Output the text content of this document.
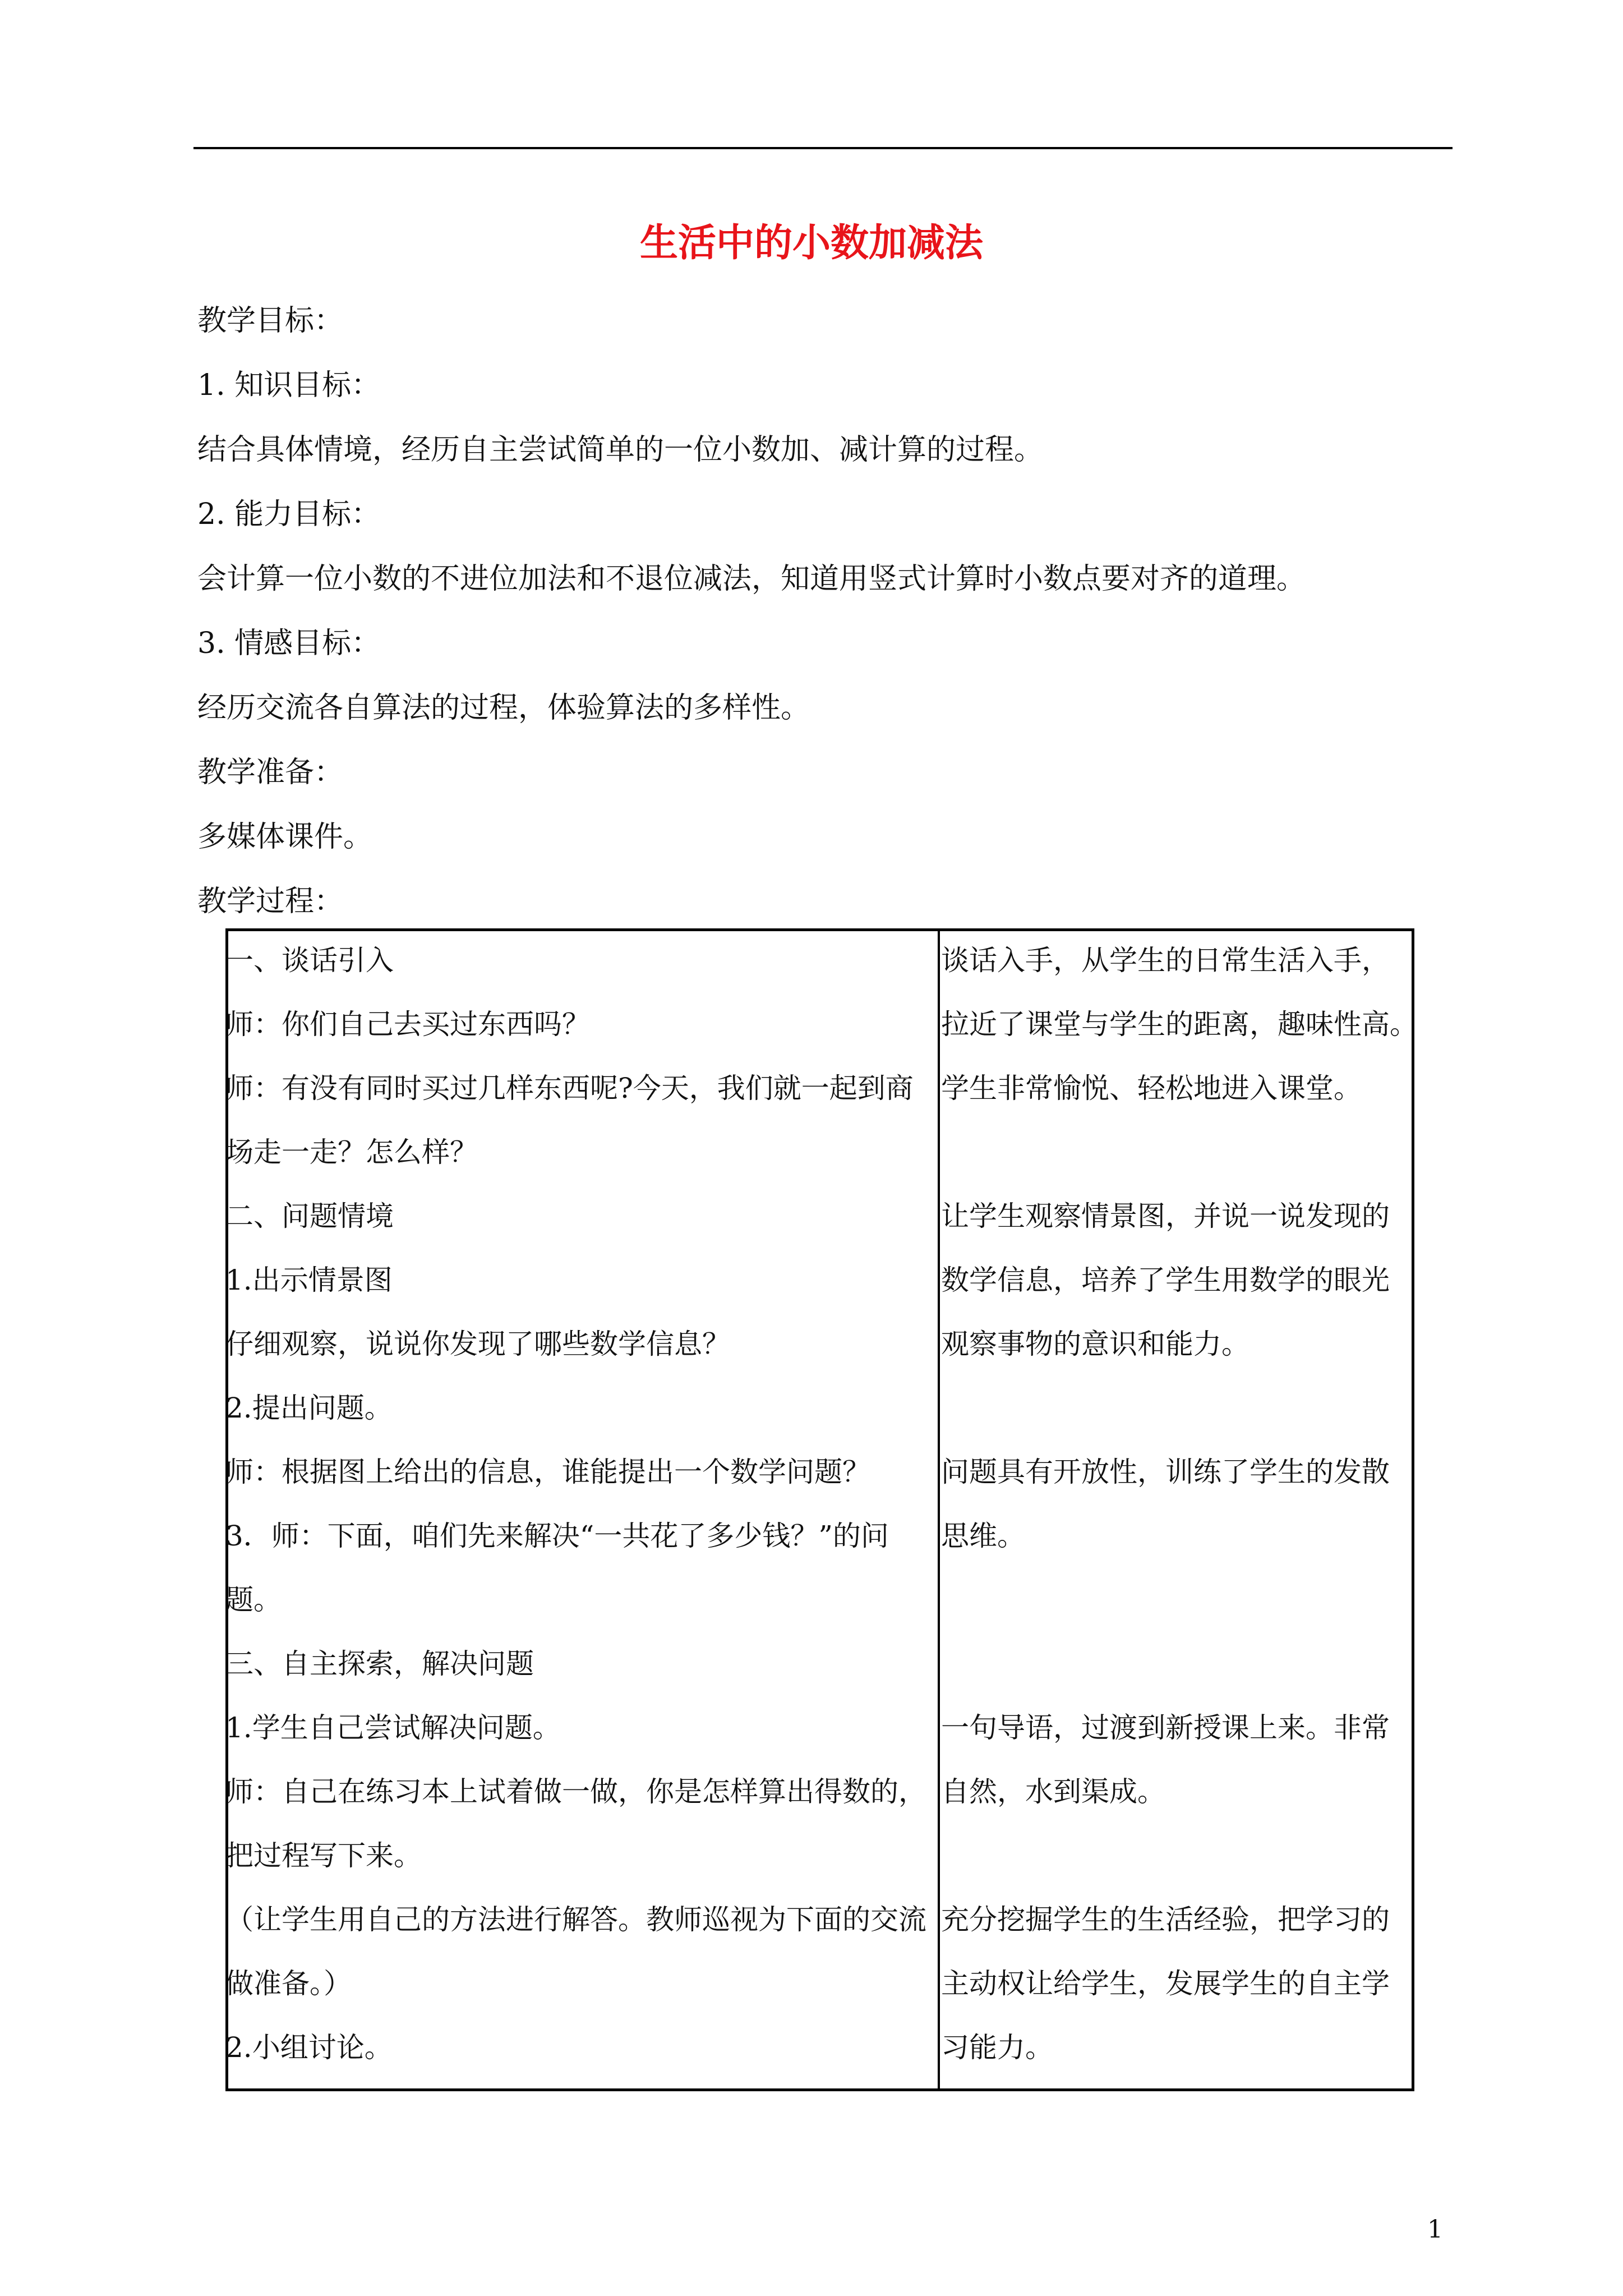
生活中的小数加减法
教学目标：
1. 知识目标：
结合具体情境，经历自主尝试简单的一位小数加、减计算的过程。
2. 能力目标：
会计算一位小数的不进位加法和不退位减法，知道用竖式计算时小数点要对齐的道理。
3. 情感目标：
经历交流各自算法的过程，体验算法的多样性。
教学准备：
多媒体课件。
教学过程：
一、谈话引入
师：你们自己去买过东西吗？
师：有没有同时买过几样东西呢?今天，我们就一起到商
场走一走？怎么样？
二、问题情境
1.出示情景图
仔细观察，说说你发现了哪些数学信息？
2.提出问题。
师：根据图上给出的信息，谁能提出一个数学问题？
3．师：下面，咱们先来解决“一共花了多少钱？”的问
题。
三、自主探索，解决问题
1.学生自己尝试解决问题。
师：自己在练习本上试着做一做，你是怎样算出得数的，
把过程写下来。
（让学生用自己的方法进行解答。教师巡视为下面的交流
做准备。）
2.小组讨论。
谈话入手，从学生的日常生活入手，
拉近了课堂与学生的距离，趣味性高。
学生非常愉悦、轻松地进入课堂。
让学生观察情景图，并说一说发现的
数学信息，培养了学生用数学的眼光
观察事物的意识和能力。
问题具有开放性，训练了学生的发散
思维。
一句导语，过渡到新授课上来。非常
自然，水到渠成。
充分挖掘学生的生活经验，把学习的
主动权让给学生，发展学生的自主学
习能力。
1
